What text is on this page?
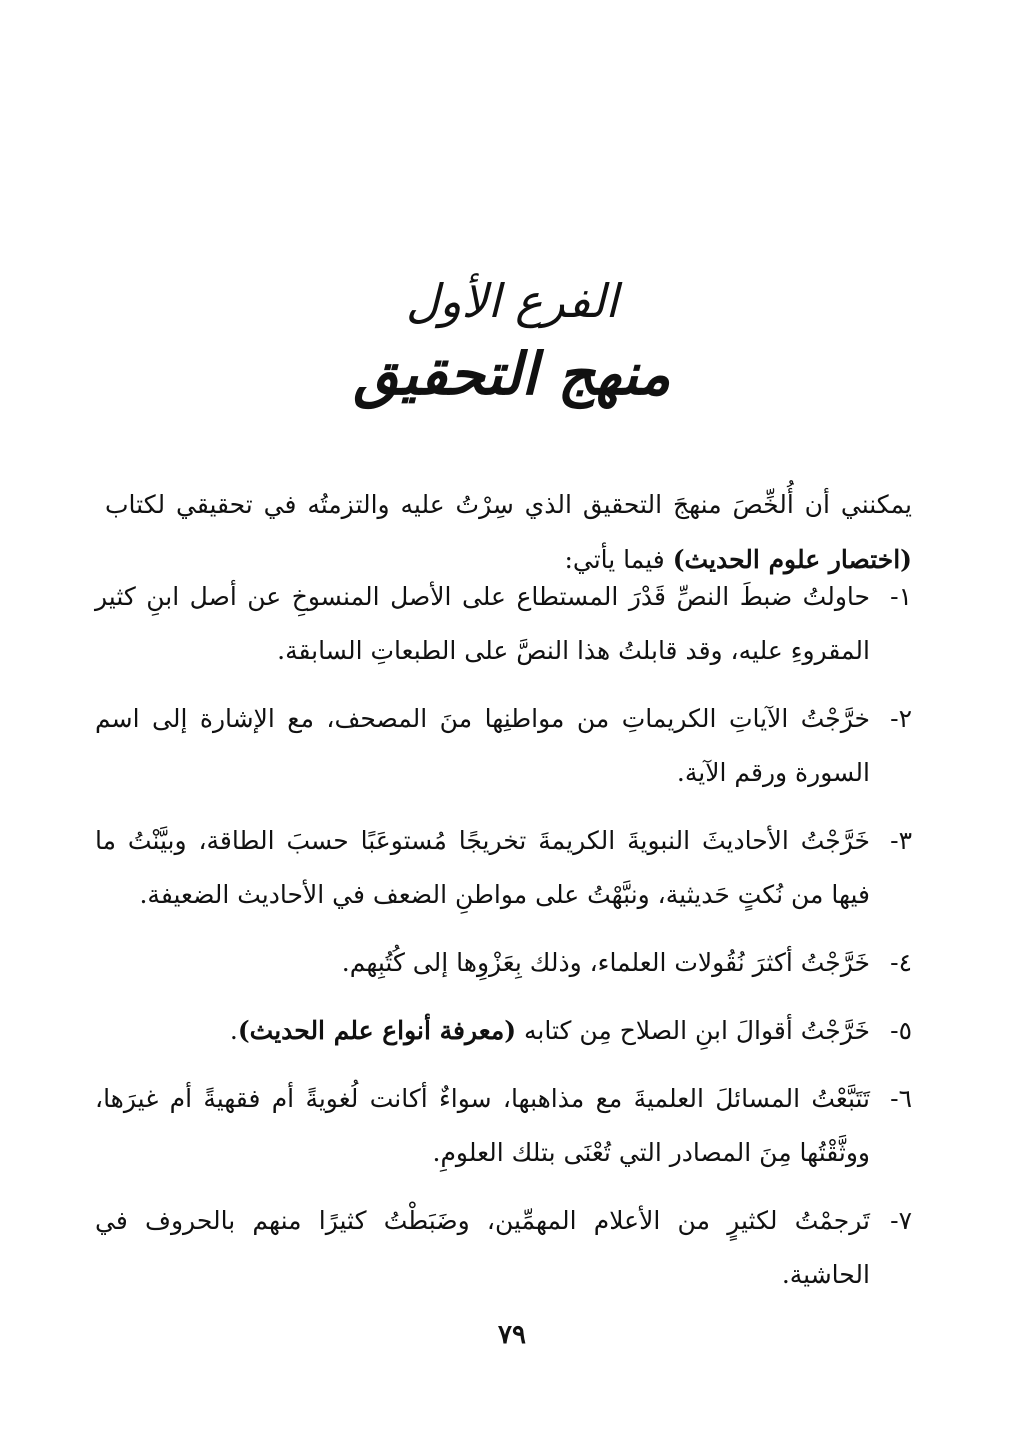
الفرع الأول
منهج التحقيق

يمكنني أن أُلخِّصَ منهجَ التحقيق الذي سِرْتُ عليه والتزمتُه في تحقيقي لكتاب (اختصار علوم الحديث) فيما يأتي:

١-
حاولتُ ضبطَ النصِّ قَدْرَ المستطاع على الأصل المنسوخِ عن أصل ابنِ كثير المقروءِ عليه، وقد قابلتُ هذا النصَّ على الطبعاتِ السابقة.
٢-
خرَّجْتُ الآياتِ الكريماتِ من مواطنِها منَ المصحف، مع الإشارة إلى اسم السورة ورقم الآية.
٣-
خَرَّجْتُ الأحاديثَ النبويةَ الكريمةَ تخريجًا مُستوعَبًا حسبَ الطاقة، وبيَّنْتُ ما فيها من نُكتٍ حَديثية، ونبَّهْتُ على مواطنِ الضعف في الأحاديث الضعيفة.
٤-
خَرَّجْتُ أكثرَ نُقُولات العلماء، وذلك بِعَزْوِها إلى كُتُبِهم.
٥-
خَرَّجْتُ أقوالَ ابنِ الصلاح مِن كتابه (معرفة أنواع علم الحديث).
٦-
تَتَبَّعْتُ المسائلَ العلميةَ مع مذاهبها، سواءٌ أكانت لُغويةً أم فقهيةً أم غيرَها، ووثَّقْتُها مِنَ المصادر التي تُعْنَى بتلك العلومِ.
٧-
تَرجمْتُ لكثيرٍ من الأعلام المهمِّين، وضَبَطْتُ كثيرًا منهم بالحروف في الحاشية.
٧٩
